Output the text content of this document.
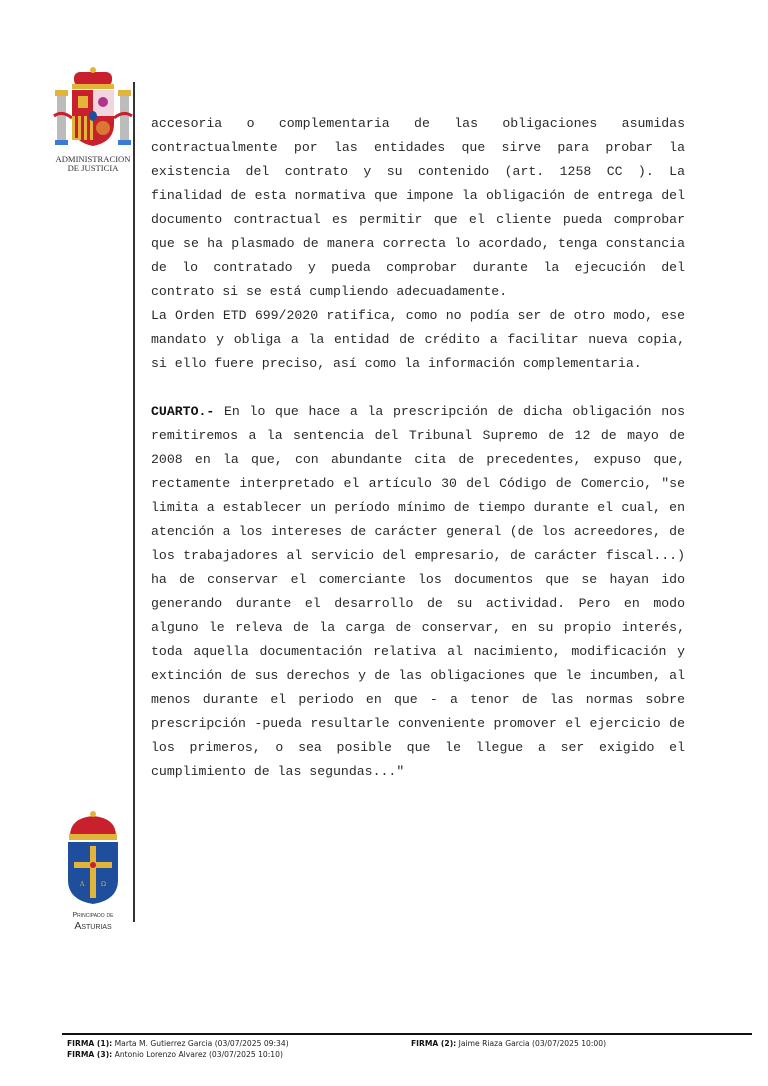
ADMINISTRACION
DE JUSTICIA

accesoria o complementaria de las obligaciones asumidas contractualmente por las entidades que sirve para probar la existencia del contrato y su contenido (art. 1258 CC ). La finalidad de esta normativa que impone la obligación de entrega del documento contractual es permitir que el cliente pueda comprobar que se ha plasmado de manera correcta lo acordado, tenga constancia de lo contratado y pueda comprobar durante la ejecución del contrato si se está cumpliendo adecuadamente.

La Orden ETD 699/2020 ratifica, como no podía ser de otro modo, ese mandato y obliga a la entidad de crédito a facilitar nueva copia, si ello fuere preciso, así como la información complementaria.

CUARTO.- En lo que hace a la prescripción de dicha obligación nos remitiremos a la sentencia del Tribunal Supremo de 12 de mayo de 2008 en la que, con abundante cita de precedentes, expuso que, rectamente interpretado el artículo 30 del Código de Comercio, "se limita a establecer un período mínimo de tiempo durante el cual, en atención a los intereses de carácter general (de los acreedores, de los trabajadores al servicio del empresario, de carácter fiscal...) ha de conservar el comerciante los documentos que se hayan ido generando durante el desarrollo de su actividad. Pero en modo alguno le releva de la carga de conservar, en su propio interés, toda aquella documentación relativa al nacimiento, modificación y extinción de sus derechos y de las obligaciones que le incumben, al menos durante el periodo en que - a tenor de las normas sobre prescripción -pueda resultarle conveniente promover el ejercicio de los primeros, o sea posible que le llegue a ser exigido el cumplimiento de las segundas..."

A	Ω
Principado de
Asturias
FIRMA (1): Marta M. Gutierrez Garcia (03/07/2025 09:34)	FIRMA (2): Jaime Riaza Garcia (03/07/2025 10:00)
FIRMA (3): Antonio Lorenzo Alvarez (03/07/2025 10:10)
